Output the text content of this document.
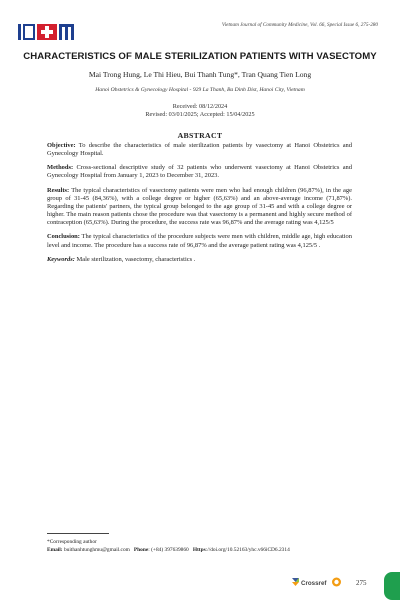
Vietnam Journal of Community Medicine, Vol. 66, Special Issue 6, 275-280
CHARACTERISTICS OF MALE STERILIZATION PATIENTS WITH VASECTOMY
Mai Trong Hung, Le Thi Hieu, Bui Thanh Tung*, Tran Quang Tien Long
Hanoi Obstetrics & Gynecology Hospital - 929 La Thanh, Ba Dinh Dist, Hanoi City, Vietnam
Received: 08/12/2024
Revised: 03/01/2025; Accepted: 15/04/2025
ABSTRACT

Objective: To describe the characteristics of male sterilization patients by vasectomy at Hanoi Obstetrics and Gynecology Hospital.

Methods: Cross-sectional descriptive study of 32 patients who underwent vasectomy at Hanoi Obstetrics and Gynecology Hospital from January 1, 2023 to December 31, 2023.

Results: The typical characteristics of vasectomy patients were men who had enough children (96,87%), in the age group of 31-45 (84,36%), with a college degree or higher (65,63%) and an above-average income (71,87%). Regarding the patients' partners, the typical group belonged to the age group of 31-45 and with a college degree or higher. The main reason patients chose the procedure was that vasectomy is a permanent and highly secure method of contraception (65,63%). During the procedure, the success rate was 96,87% and the average rating was 4,125/5

Conclusion: The typical characteristics of the procedure subjects were men with children, middle age, high education level and income. The procedure has a success rate of 96,87% and the average patient rating was 4,125/5 .

Keywords: Male sterilization, vasectomy, characteristics .

*Corresponding author
Email: buithanhtunghmu@gmail.com Phone: (+84) 397639860 Https://doi.org/10.52163/yhc.v66iCD6.2314
Crossref	275
